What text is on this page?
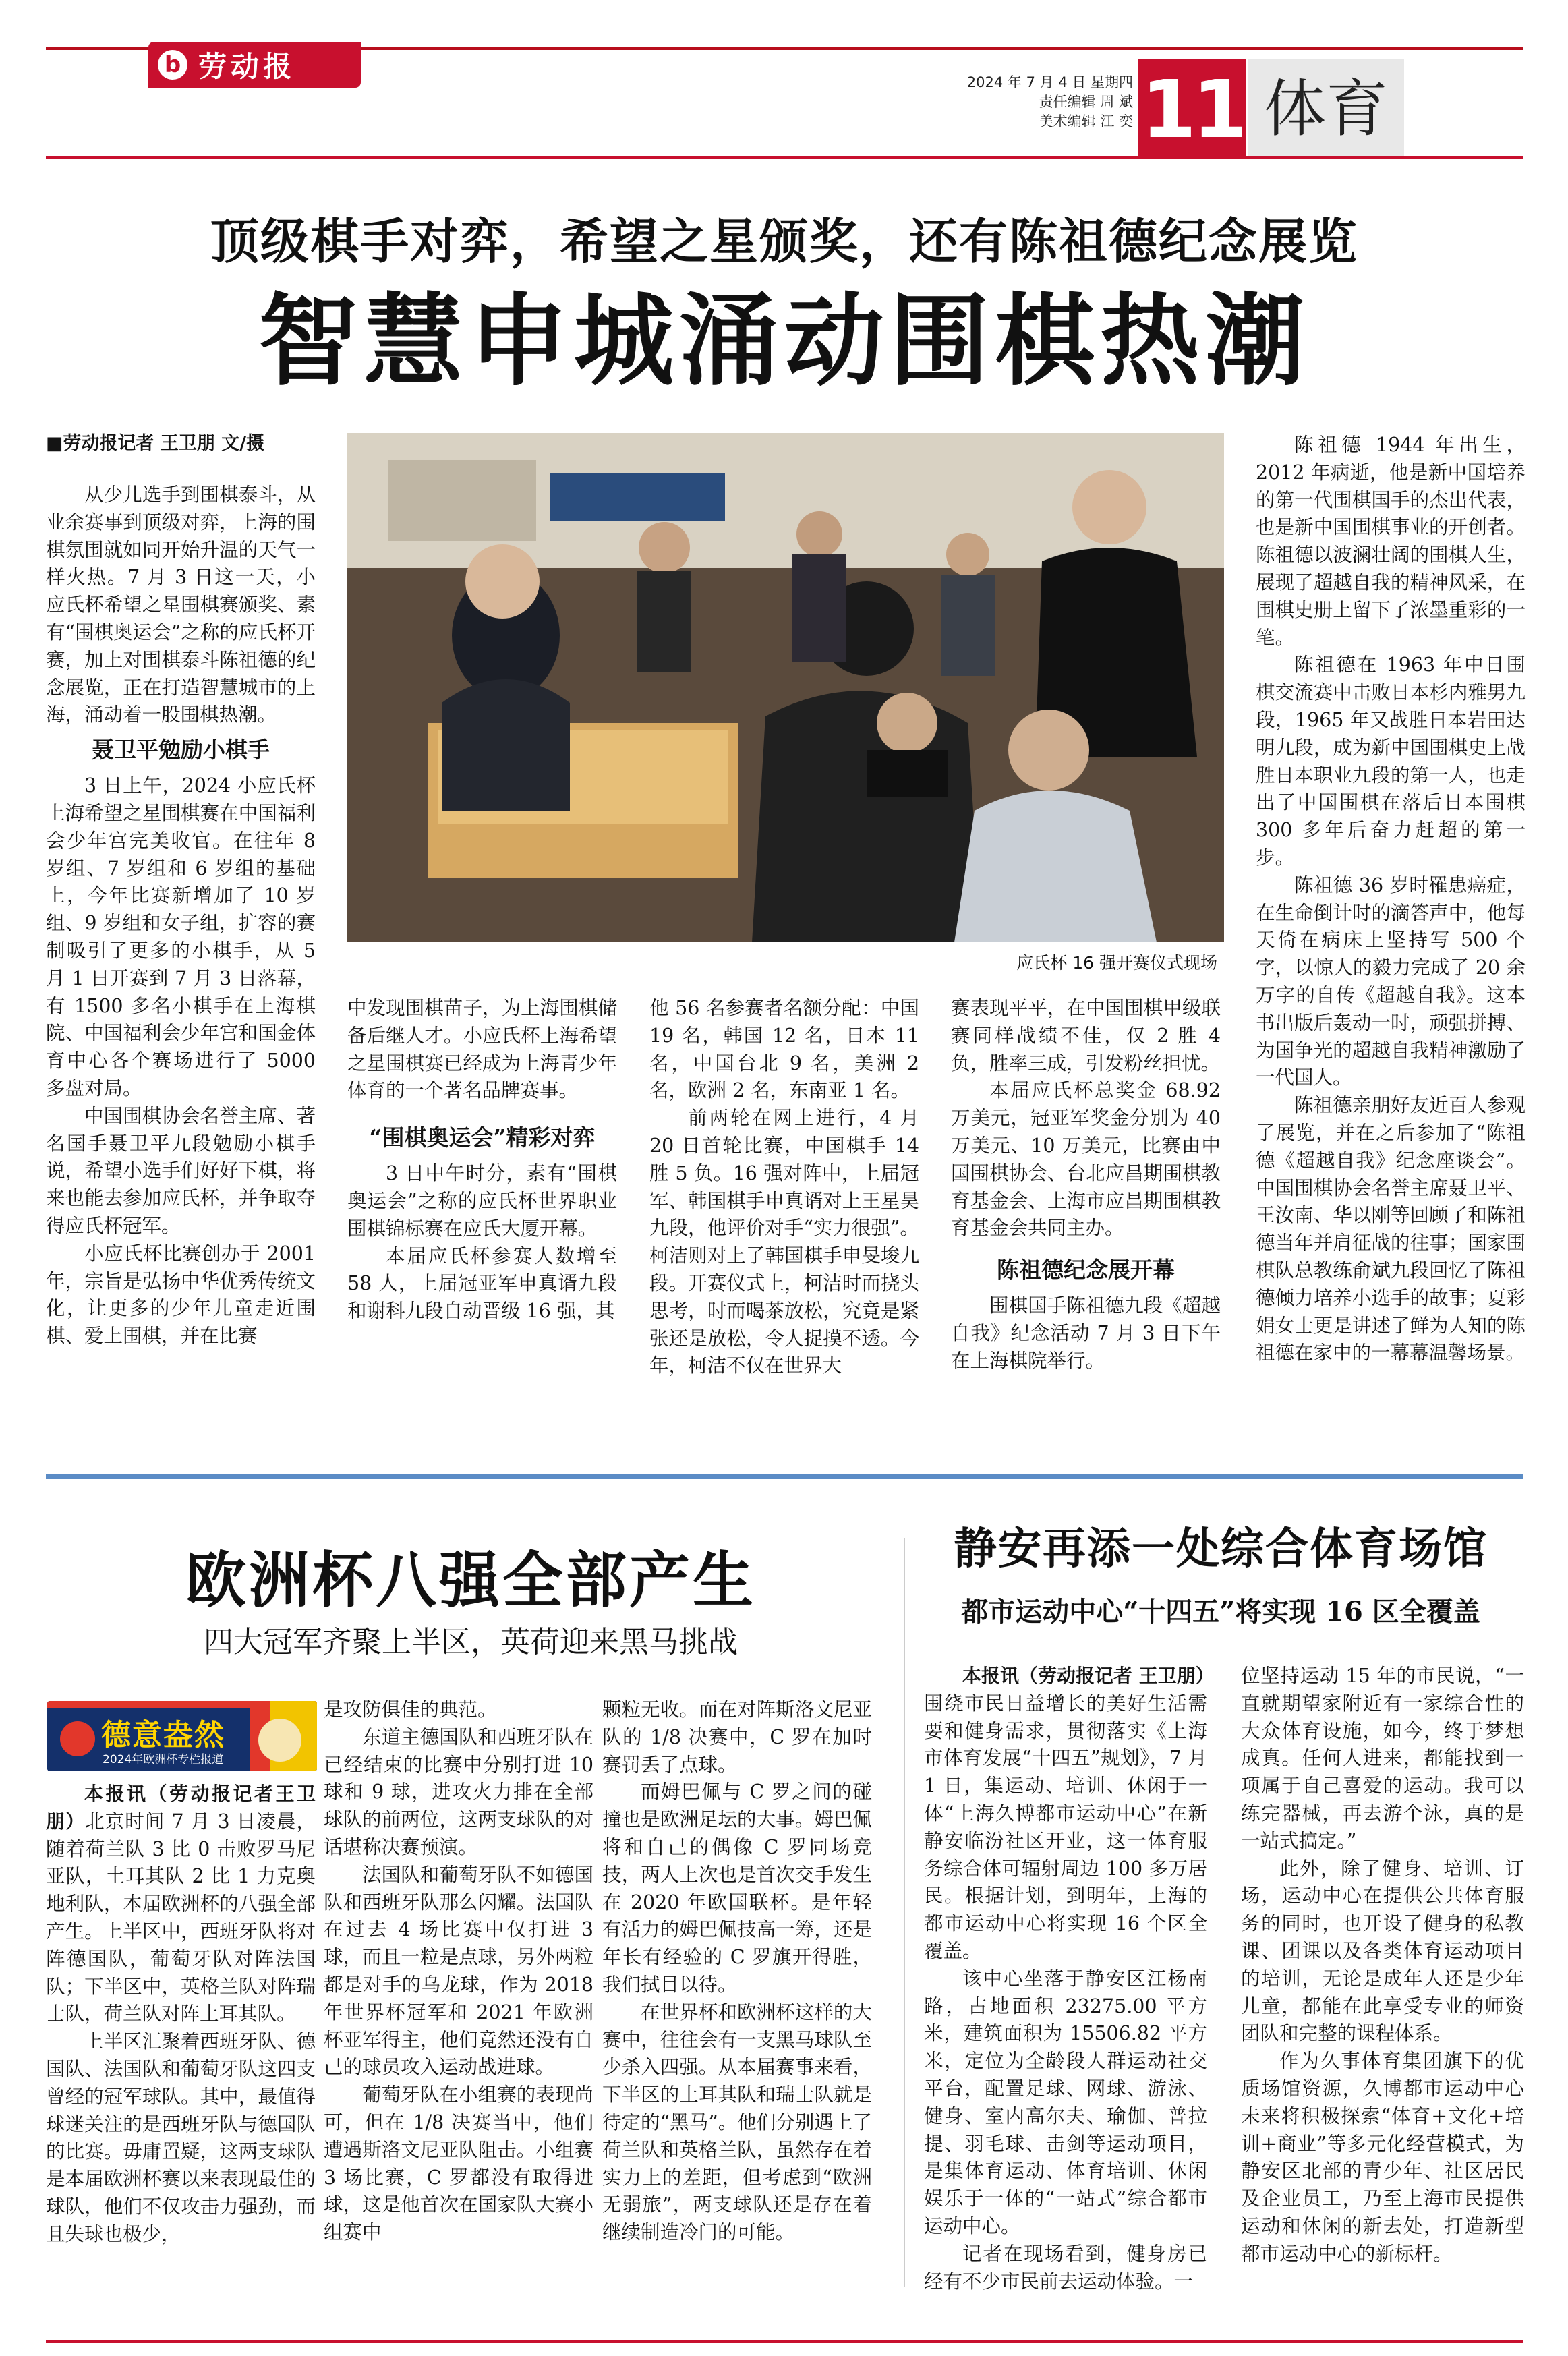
b 劳动报	2024 年 7 月 4 日 星期四
责任编辑 周 斌
美术编辑 江 奕 11 体育
顶级棋手对弈，希望之星颁奖，还有陈祖德纪念展览
智慧申城涌动围棋热潮
■劳动报记者 王卫朋 文/摄

从少儿选手到围棋泰斗，从业余赛事到顶级对弈，上海的围棋氛围就如同开始升温的天气一样火热。7 月 3 日这一天，小应氏杯希望之星围棋赛颁奖、素有“围棋奥运会”之称的应氏杯开赛，加上对围棋泰斗陈祖德的纪念展览，正在打造智慧城市的上海，涌动着一股围棋热潮。

聂卫平勉励小棋手

3 日上午，2024 小应氏杯上海希望之星围棋赛在中国福利会少年宫完美收官。在往年 8 岁组、7 岁组和 6 岁组的基础上，今年比赛新增加了 10 岁组、9 岁组和女子组，扩容的赛制吸引了更多的小棋手，从 5 月 1 日开赛到 7 月 3 日落幕，有 1500 多名小棋手在上海棋院、中国福利会少年宫和国金体育中心各个赛场进行了 5000 多盘对局。

中国围棋协会名誉主席、著名国手聂卫平九段勉励小棋手说，希望小选手们好好下棋，将来也能去参加应氏杯，并争取夺得应氏杯冠军。

小应氏杯比赛创办于 2001 年，宗旨是弘扬中华优秀传统文化，让更多的少年儿童走近围棋、爱上围棋，并在比赛

应氏杯 16 强开赛仪式现场

中发现围棋苗子，为上海围棋储备后继人才。小应氏杯上海希望之星围棋赛已经成为上海青少年体育的一个著名品牌赛事。

“围棋奥运会”精彩对弈

3 日中午时分，素有“围棋奥运会”之称的应氏杯世界职业围棋锦标赛在应氏大厦开幕。

本届应氏杯参赛人数增至 58 人，上届冠亚军申真谞九段和谢科九段自动晋级 16 强，其

他 56 名参赛者名额分配：中国 19 名，韩国 12 名，日本 11 名，中国台北 9 名，美洲 2 名，欧洲 2 名，东南亚 1 名。

前两轮在网上进行，4 月 20 日首轮比赛，中国棋手 14 胜 5 负。16 强对阵中，上届冠军、韩国棋手申真谞对上王星昊九段，他评价对手“实力很强”。柯洁则对上了韩国棋手申旻埈九段。开赛仪式上，柯洁时而挠头思考，时而喝茶放松，究竟是紧张还是放松，令人捉摸不透。今年，柯洁不仅在世界大

赛表现平平，在中国围棋甲级联赛同样战绩不佳，仅 2 胜 4 负，胜率三成，引发粉丝担忧。

本届应氏杯总奖金 68.92 万美元，冠亚军奖金分别为 40 万美元、10 万美元，比赛由中国围棋协会、台北应昌期围棋教育基金会、上海市应昌期围棋教育基金会共同主办。

陈祖德纪念展开幕

围棋国手陈祖德九段《超越自我》纪念活动 7 月 3 日下午在上海棋院举行。

陈祖德 1944 年出生，2012 年病逝，他是新中国培养的第一代围棋国手的杰出代表，也是新中国围棋事业的开创者。陈祖德以波澜壮阔的围棋人生，展现了超越自我的精神风采，在围棋史册上留下了浓墨重彩的一笔。

陈祖德在 1963 年中日围棋交流赛中击败日本杉内雅男九段，1965 年又战胜日本岩田达明九段，成为新中国围棋史上战胜日本职业九段的第一人，也走出了中国围棋在落后日本围棋 300 多年后奋力赶超的第一步。

陈祖德 36 岁时罹患癌症，在生命倒计时的滴答声中，他每天倚在病床上坚持写 500 个字，以惊人的毅力完成了 20 余万字的自传《超越自我》。这本书出版后轰动一时，顽强拼搏、为国争光的超越自我精神激励了一代国人。

陈祖德亲朋好友近百人参观了展览，并在之后参加了“陈祖德《超越自我》纪念座谈会”。中国围棋协会名誉主席聂卫平、王汝南、华以刚等回顾了和陈祖德当年并肩征战的往事；国家围棋队总教练俞斌九段回忆了陈祖德倾力培养小选手的故事；夏彩娟女士更是讲述了鲜为人知的陈祖德在家中的一幕幕温馨场景。

欧洲杯八强全部产生
四大冠军齐聚上半区，英荷迎来黑马挑战
德意盎然
2024年欧洲杯专栏报道

本报讯（劳动报记者王卫朋）北京时间 7 月 3 日凌晨，随着荷兰队 3 比 0 击败罗马尼亚队，土耳其队 2 比 1 力克奥地利队，本届欧洲杯的八强全部产生。上半区中，西班牙队将对阵德国队，葡萄牙队对阵法国队；下半区中，英格兰队对阵瑞士队，荷兰队对阵土耳其队。

上半区汇聚着西班牙队、德国队、法国队和葡萄牙队这四支曾经的冠军球队。其中，最值得球迷关注的是西班牙队与德国队的比赛。毋庸置疑，这两支球队是本届欧洲杯赛以来表现最佳的球队，他们不仅攻击力强劲，而且失球也极少，

是攻防俱佳的典范。

东道主德国队和西班牙队在已经结束的比赛中分别打进 10 球和 9 球，进攻火力排在全部球队的前两位，这两支球队的对话堪称决赛预演。

法国队和葡萄牙队不如德国队和西班牙队那么闪耀。法国队在过去 4 场比赛中仅打进 3 球，而且一粒是点球，另外两粒都是对手的乌龙球，作为 2018 年世界杯冠军和 2021 年欧洲杯亚军得主，他们竟然还没有自己的球员攻入运动战进球。

葡萄牙队在小组赛的表现尚可，但在 1/8 决赛当中，他们遭遇斯洛文尼亚队阻击。小组赛 3 场比赛，C 罗都没有取得进球，这是他首次在国家队大赛小组赛中

颗粒无收。而在对阵斯洛文尼亚队的 1/8 决赛中，C 罗在加时赛罚丢了点球。

而姆巴佩与 C 罗之间的碰撞也是欧洲足坛的大事。姆巴佩将和自己的偶像 C 罗同场竞技，两人上次也是首次交手发生在 2020 年欧国联杯。是年轻有活力的姆巴佩技高一筹，还是年长有经验的 C 罗旗开得胜，我们拭目以待。

在世界杯和欧洲杯这样的大赛中，往往会有一支黑马球队至少杀入四强。从本届赛事来看，下半区的土耳其队和瑞士队就是待定的“黑马”。他们分别遇上了荷兰队和英格兰队，虽然存在着实力上的差距，但考虑到“欧洲无弱旅”，两支球队还是存在着继续制造冷门的可能。

静安再添一处综合体育场馆
都市运动中心“十四五”将实现 16 区全覆盖

本报讯（劳动报记者 王卫朋）围绕市民日益增长的美好生活需要和健身需求，贯彻落实《上海市体育发展“十四五”规划》，7 月 1 日，集运动、培训、休闲于一体“上海久博都市运动中心”在新静安临汾社区开业，这一体育服务综合体可辐射周边 100 多万居民。根据计划，到明年，上海的都市运动中心将实现 16 个区全覆盖。

该中心坐落于静安区江杨南路，占地面积 23275.00 平方米，建筑面积为 15506.82 平方米，定位为全龄段人群运动社交平台，配置足球、网球、游泳、健身、室内高尔夫、瑜伽、普拉提、羽毛球、击剑等运动项目，是集体育运动、体育培训、休闲娱乐于一体的“一站式”综合都市运动中心。

记者在现场看到，健身房已经有不少市民前去运动体验。一

位坚持运动 15 年的市民说，“一直就期望家附近有一家综合性的大众体育设施，如今，终于梦想成真。任何人进来，都能找到一项属于自己喜爱的运动。我可以练完器械，再去游个泳，真的是一站式搞定。”

此外，除了健身、培训、订场，运动中心在提供公共体育服务的同时，也开设了健身的私教课、团课以及各类体育运动项目的培训，无论是成年人还是少年儿童，都能在此享受专业的师资团队和完整的课程体系。

作为久事体育集团旗下的优质场馆资源，久博都市运动中心未来将积极探索“体育+文化+培训+商业”等多元化经营模式，为静安区北部的青少年、社区居民及企业员工，乃至上海市民提供运动和休闲的新去处，打造新型都市运动中心的新标杆。
